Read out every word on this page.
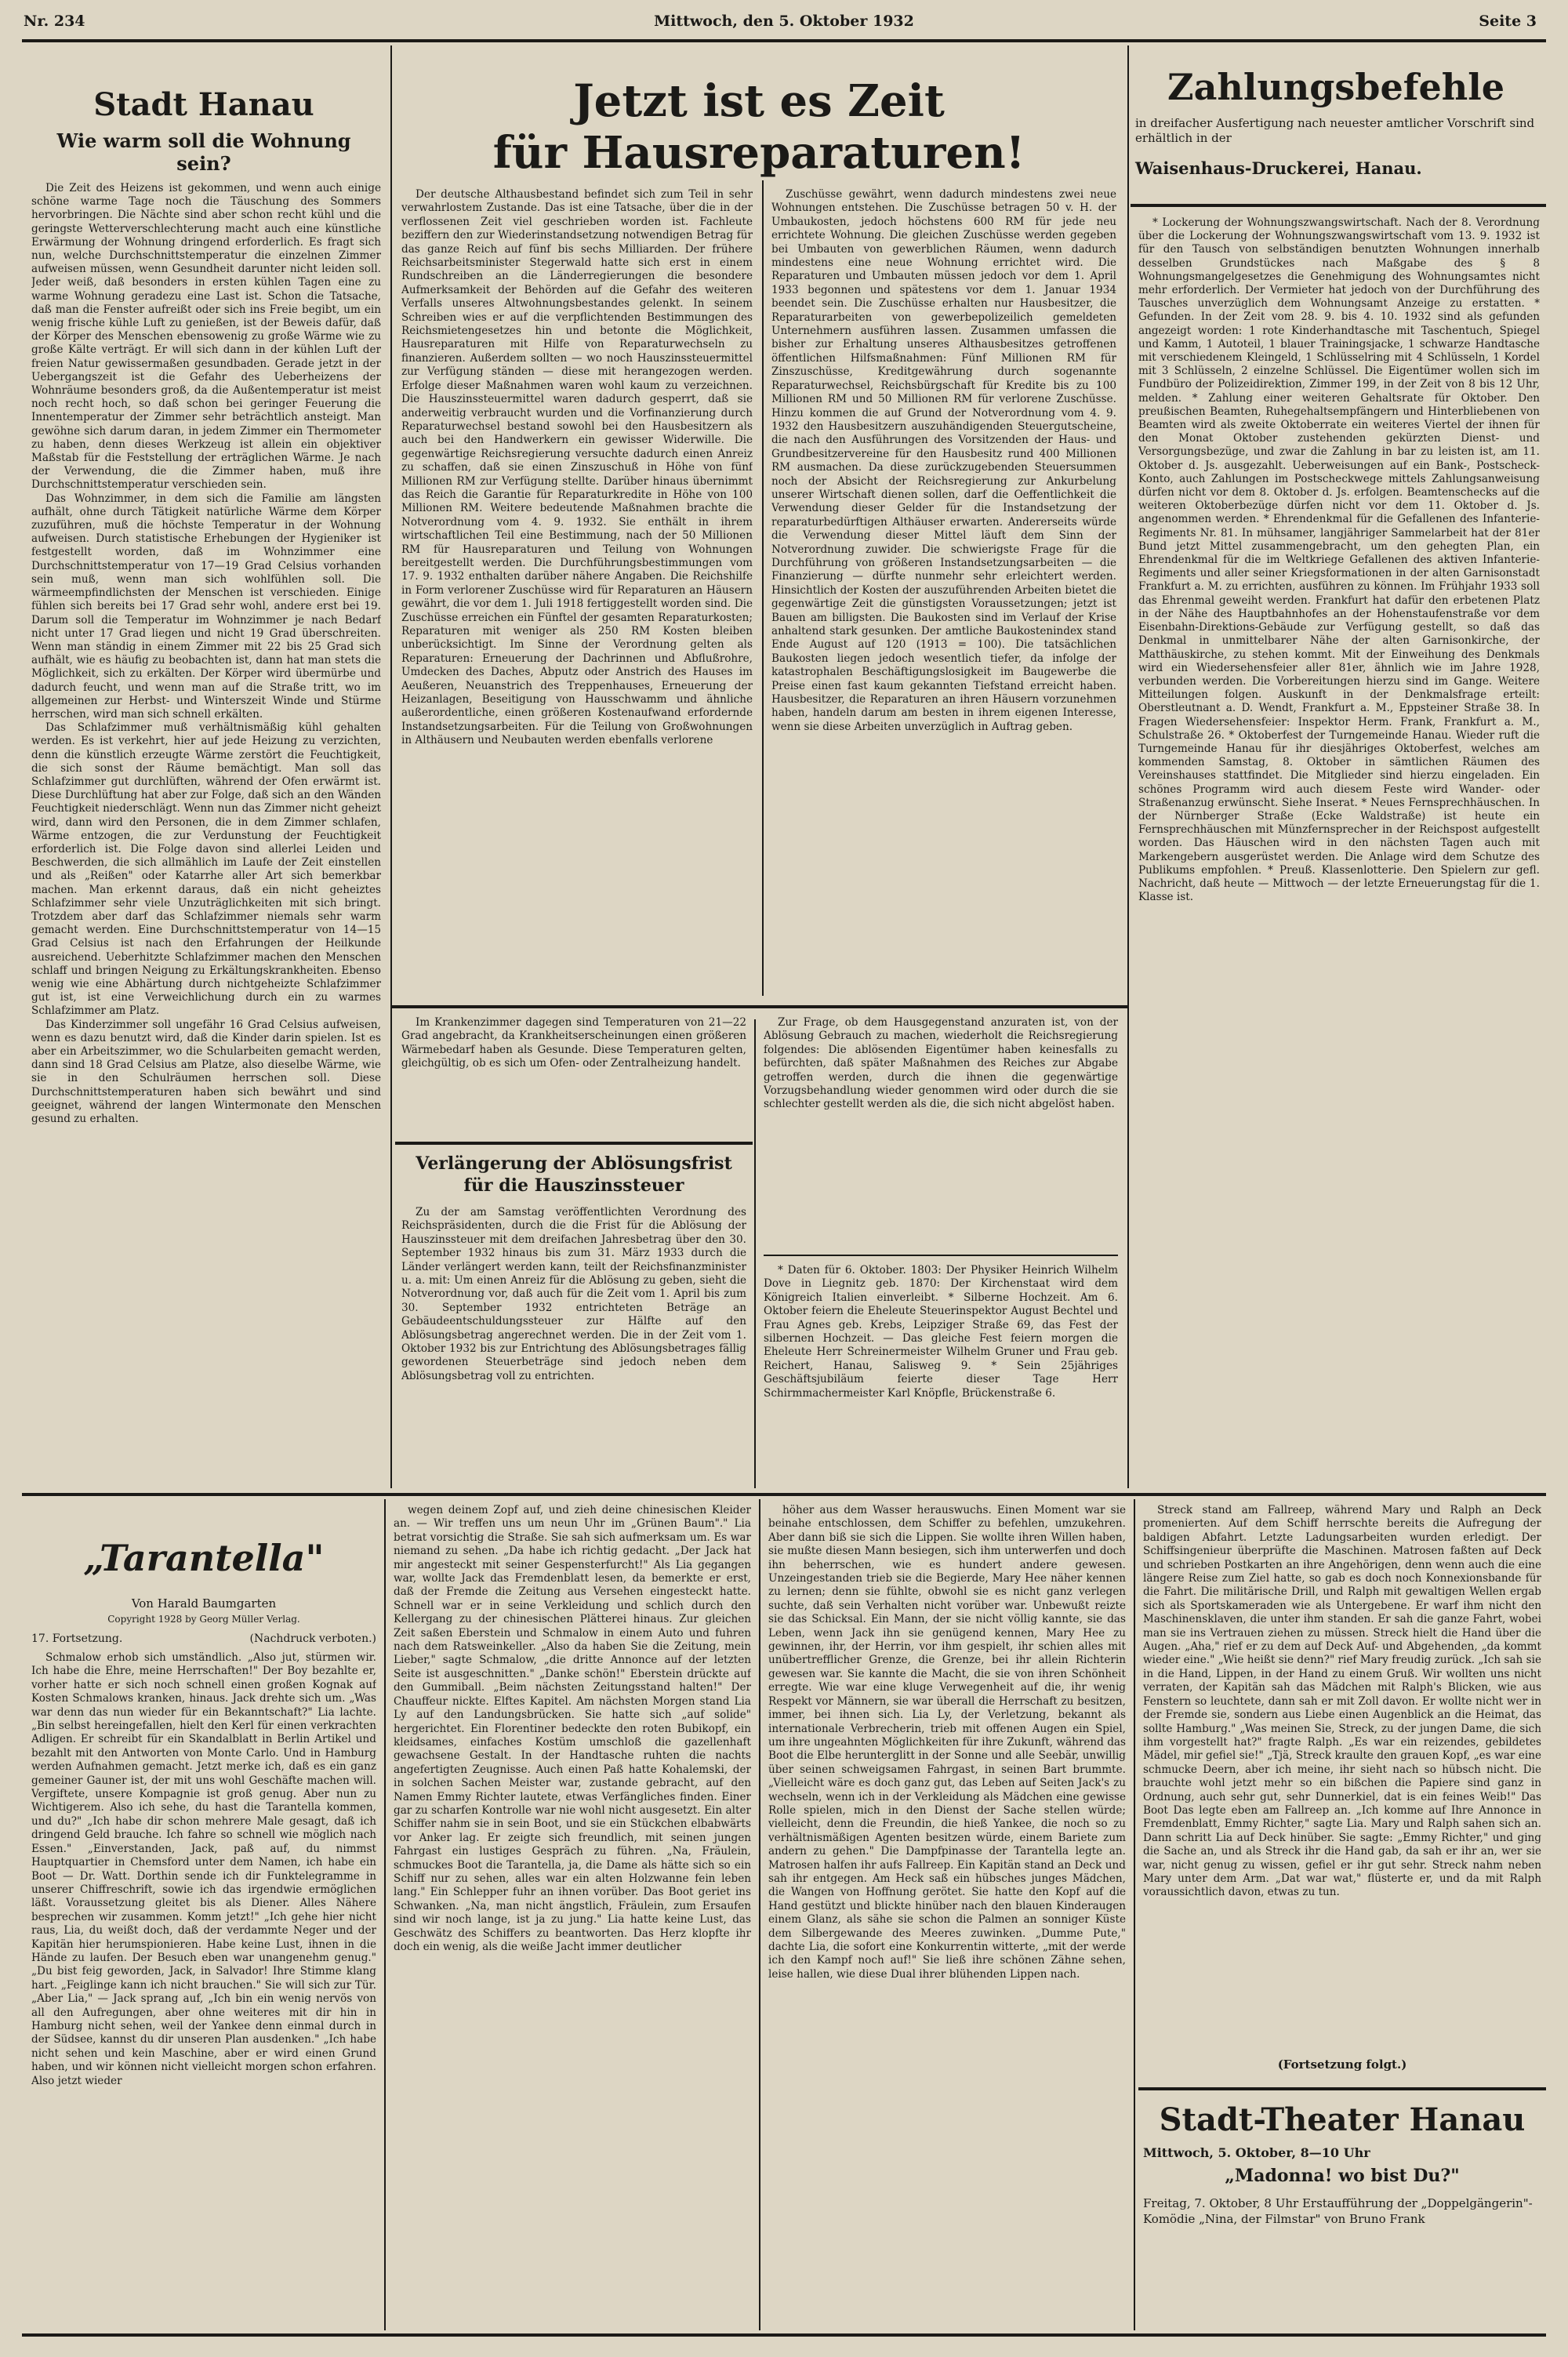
Nr. 234	Mittwoch, den 5. Oktober 1932	Seite 3
Stadt Hanau
Wie warm soll die Wohnung sein?

Die Zeit des Heizens ist gekommen, und wenn auch einige schöne warme Tage noch die Täuschung des Sommers hervorbringen. Die Nächte sind aber schon recht kühl und die geringste Wetterverschlechterung macht auch eine künstliche Erwärmung der Wohnung dringend erforderlich. Es fragt sich nun, welche Durchschnittstemperatur die einzelnen Zimmer aufweisen müssen, wenn Gesundheit darunter nicht leiden soll. Jeder weiß, daß besonders in ersten kühlen Tagen eine zu warme Wohnung geradezu eine Last ist. Schon die Tatsache, daß man die Fenster aufreißt oder sich ins Freie begibt, um ein wenig frische kühle Luft zu genießen, ist der Beweis dafür, daß der Körper des Menschen ebensowenig zu große Wärme wie zu große Kälte verträgt. Er will sich dann in der kühlen Luft der freien Natur gewissermaßen gesundbaden. Gerade jetzt in der Uebergangszeit ist die Gefahr des Ueberheizens der Wohnräume besonders groß, da die Außentemperatur ist meist noch recht hoch, so daß schon bei geringer Feuerung die Innentemperatur der Zimmer sehr beträchtlich ansteigt. Man gewöhne sich darum daran, in jedem Zimmer ein Thermometer zu haben, denn dieses Werkzeug ist allein ein objektiver Maßstab für die Feststellung der erträglichen Wärme. Je nach der Verwendung, die die Zimmer haben, muß ihre Durchschnittstemperatur verschieden sein.

Das Wohnzimmer, in dem sich die Familie am längsten aufhält, ohne durch Tätigkeit natürliche Wärme dem Körper zuzuführen, muß die höchste Temperatur in der Wohnung aufweisen. Durch statistische Erhebungen der Hygieniker ist festgestellt worden, daß im Wohnzimmer eine Durchschnittstemperatur von 17—19 Grad Celsius vorhanden sein muß, wenn man sich wohlfühlen soll. Die wärmeempfindlichsten der Menschen ist verschieden. Einige fühlen sich bereits bei 17 Grad sehr wohl, andere erst bei 19. Darum soll die Temperatur im Wohnzimmer je nach Bedarf nicht unter 17 Grad liegen und nicht 19 Grad überschreiten. Wenn man ständig in einem Zimmer mit 22 bis 25 Grad sich aufhält, wie es häufig zu beobachten ist, dann hat man stets die Möglichkeit, sich zu erkälten. Der Körper wird übermürbe und dadurch feucht, und wenn man auf die Straße tritt, wo im allgemeinen zur Herbst- und Winterszeit Winde und Stürme herrschen, wird man sich schnell erkälten.

Das Schlafzimmer muß verhältnismäßig kühl gehalten werden. Es ist verkehrt, hier auf jede Heizung zu verzichten, denn die künstlich erzeugte Wärme zerstört die Feuchtigkeit, die sich sonst der Räume bemächtigt. Man soll das Schlafzimmer gut durchlüften, während der Ofen erwärmt ist. Diese Durchlüftung hat aber zur Folge, daß sich an den Wänden Feuchtigkeit niederschlägt. Wenn nun das Zimmer nicht geheizt wird, dann wird den Personen, die in dem Zimmer schlafen, Wärme entzogen, die zur Verdunstung der Feuchtigkeit erforderlich ist. Die Folge davon sind allerlei Leiden und Beschwerden, die sich allmählich im Laufe der Zeit einstellen und als „Reißen" oder Katarrhe aller Art sich bemerkbar machen. Man erkennt daraus, daß ein nicht geheiztes Schlafzimmer sehr viele Unzuträglichkeiten mit sich bringt. Trotzdem aber darf das Schlafzimmer niemals sehr warm gemacht werden. Eine Durchschnittstemperatur von 14—15 Grad Celsius ist nach den Erfahrungen der Heilkunde ausreichend. Ueberhitzte Schlafzimmer machen den Menschen schlaff und bringen Neigung zu Erkältungskrankheiten. Ebenso wenig wie eine Abhärtung durch nichtgeheizte Schlafzimmer gut ist, ist eine Verweichlichung durch ein zu warmes Schlafzimmer am Platz.

Das Kinderzimmer soll ungefähr 16 Grad Celsius aufweisen, wenn es dazu benutzt wird, daß die Kinder darin spielen. Ist es aber ein Arbeitszimmer, wo die Schularbeiten gemacht werden, dann sind 18 Grad Celsius am Platze, also dieselbe Wärme, wie sie in den Schulräumen herrschen soll. Diese Durchschnittstemperaturen haben sich bewährt und sind geeignet, während der langen Wintermonate den Menschen gesund zu erhalten.

Jetzt ist es Zeit
für Hausreparaturen!

Der deutsche Althausbestand befindet sich zum Teil in sehr verwahrlostem Zustande. Das ist eine Tatsache, über die in der verflossenen Zeit viel geschrieben worden ist. Fachleute beziffern den zur Wiederinstandsetzung notwendigen Betrag für das ganze Reich auf fünf bis sechs Milliarden. Der frühere Reichsarbeitsminister Stegerwald hatte sich erst in einem Rundschreiben an die Länderregierungen die besondere Aufmerksamkeit der Behörden auf die Gefahr des weiteren Verfalls unseres Altwohnungsbestandes gelenkt. In seinem Schreiben wies er auf die verpflichtenden Bestimmungen des Reichsmietengesetzes hin und betonte die Möglichkeit, Hausreparaturen mit Hilfe von Reparaturwechseln zu finanzieren. Außerdem sollten — wo noch Hauszinssteuermittel zur Verfügung ständen — diese mit herangezogen werden. Erfolge dieser Maßnahmen waren wohl kaum zu verzeichnen. Die Hauszinssteuermittel waren dadurch gesperrt, daß sie anderweitig verbraucht wurden und die Vorfinanzierung durch Reparaturwechsel bestand sowohl bei den Hausbesitzern als auch bei den Handwerkern ein gewisser Widerwille. Die gegenwärtige Reichsregierung versuchte dadurch einen Anreiz zu schaffen, daß sie einen Zinszuschuß in Höhe von fünf Millionen RM zur Verfügung stellte. Darüber hinaus übernimmt das Reich die Garantie für Reparaturkredite in Höhe von 100 Millionen RM. Weitere bedeutende Maßnahmen brachte die Notverordnung vom 4. 9. 1932. Sie enthält in ihrem wirtschaftlichen Teil eine Bestimmung, nach der 50 Millionen RM für Hausreparaturen und Teilung von Wohnungen bereitgestellt werden. Die Durchführungsbestimmungen vom 17. 9. 1932 enthalten darüber nähere Angaben. Die Reichshilfe in Form verlorener Zuschüsse wird für Reparaturen an Häusern gewährt, die vor dem 1. Juli 1918 fertiggestellt worden sind. Die Zuschüsse erreichen ein Fünftel der gesamten Reparaturkosten; Reparaturen mit weniger als 250 RM Kosten bleiben unberücksichtigt. Im Sinne der Verordnung gelten als Reparaturen: Erneuerung der Dachrinnen und Abflußrohre, Umdecken des Daches, Abputz oder Anstrich des Hauses im Aeußeren, Neuanstrich des Treppenhauses, Erneuerung der Heizanlagen, Beseitigung von Hausschwamm und ähnliche außerordentliche, einen größeren Kostenaufwand erfordernde Instandsetzungsarbeiten. Für die Teilung von Großwohnungen in Althäusern und Neubauten werden ebenfalls verlorene

Zuschüsse gewährt, wenn dadurch mindestens zwei neue Wohnungen entstehen. Die Zuschüsse betragen 50 v. H. der Umbaukosten, jedoch höchstens 600 RM für jede neu errichtete Wohnung. Die gleichen Zuschüsse werden gegeben bei Umbauten von gewerblichen Räumen, wenn dadurch mindestens eine neue Wohnung errichtet wird. Die Reparaturen und Umbauten müssen jedoch vor dem 1. April 1933 begonnen und spätestens vor dem 1. Januar 1934 beendet sein. Die Zuschüsse erhalten nur Hausbesitzer, die Reparaturarbeiten von gewerbepolizeilich gemeldeten Unternehmern ausführen lassen. Zusammen umfassen die bisher zur Erhaltung unseres Althausbesitzes getroffenen öffentlichen Hilfsmaßnahmen: Fünf Millionen RM für Zinszuschüsse, Kreditgewährung durch sogenannte Reparaturwechsel, Reichsbürgschaft für Kredite bis zu 100 Millionen RM und 50 Millionen RM für verlorene Zuschüsse. Hinzu kommen die auf Grund der Notverordnung vom 4. 9. 1932 den Hausbesitzern auszuhändigenden Steuergutscheine, die nach den Ausführungen des Vorsitzenden der Haus- und Grundbesitzervereine für den Hausbesitz rund 400 Millionen RM ausmachen. Da diese zurückzugebenden Steuersummen noch der Absicht der Reichsregierung zur Ankurbelung unserer Wirtschaft dienen sollen, darf die Oeffentlichkeit die Verwendung dieser Gelder für die Instandsetzung der reparaturbedürftigen Althäuser erwarten. Andererseits würde die Verwendung dieser Mittel läuft dem Sinn der Notverordnung zuwider. Die schwierigste Frage für die Durchführung von größeren Instandsetzungsarbeiten — die Finanzierung — dürfte nunmehr sehr erleichtert werden. Hinsichtlich der Kosten der auszuführenden Arbeiten bietet die gegenwärtige Zeit die günstigsten Voraussetzungen; jetzt ist Bauen am billigsten. Die Baukosten sind im Verlauf der Krise anhaltend stark gesunken. Der amtliche Baukostenindex stand Ende August auf 120 (1913 = 100). Die tatsächlichen Baukosten liegen jedoch wesentlich tiefer, da infolge der katastrophalen Beschäftigungslosigkeit im Baugewerbe die Preise einen fast kaum gekannten Tiefstand erreicht haben. Hausbesitzer, die Reparaturen an ihren Häusern vorzunehmen haben, handeln darum am besten in ihrem eigenen Interesse, wenn sie diese Arbeiten unverzüglich in Auftrag geben.

Im Krankenzimmer dagegen sind Temperaturen von 21—22 Grad angebracht, da Krankheitserscheinungen einen größeren Wärmebedarf haben als Gesunde. Diese Temperaturen gelten, gleichgültig, ob es sich um Ofen- oder Zentralheizung handelt.

Verlängerung der Ablösungsfrist
für die Hauszinssteuer

Zu der am Samstag veröffentlichten Verordnung des Reichspräsidenten, durch die die Frist für die Ablösung der Hauszinssteuer mit dem dreifachen Jahresbetrag über den 30. September 1932 hinaus bis zum 31. März 1933 durch die Länder verlängert werden kann, teilt der Reichsfinanzminister u. a. mit: Um einen Anreiz für die Ablösung zu geben, sieht die Notverordnung vor, daß auch für die Zeit vom 1. April bis zum 30. September 1932 entrichteten Beträge an Gebäudeentschuldungssteuer zur Hälfte auf den Ablösungsbetrag angerechnet werden. Die in der Zeit vom 1. Oktober 1932 bis zur Entrichtung des Ablösungsbetrages fällig gewordenen Steuerbeträge sind jedoch neben dem Ablösungsbetrag voll zu entrichten.

Zur Frage, ob dem Hausgegenstand anzuraten ist, von der Ablösung Gebrauch zu machen, wiederholt die Reichsregierung folgendes: Die ablösenden Eigentümer haben keinesfalls zu befürchten, daß später Maßnahmen des Reiches zur Abgabe getroffen werden, durch die ihnen die gegenwärtige Vorzugsbehandlung wieder genommen wird oder durch die sie schlechter gestellt werden als die, die sich nicht abgelöst haben.

* Daten für 6. Oktober. 1803: Der Physiker Heinrich Wilhelm Dove in Liegnitz geb. 1870: Der Kirchenstaat wird dem Königreich Italien einverleibt. * Silberne Hochzeit. Am 6. Oktober feiern die Eheleute Steuerinspektor August Bechtel und Frau Agnes geb. Krebs, Leipziger Straße 69, das Fest der silbernen Hochzeit. — Das gleiche Fest feiern morgen die Eheleute Herr Schreinermeister Wilhelm Gruner und Frau geb. Reichert, Hanau, Salisweg 9. * Sein 25jähriges Geschäftsjubiläum feierte dieser Tage Herr Schirmmachermeister Karl Knöpfle, Brückenstraße 6.

Zahlungsbefehle
in dreifacher Ausfertigung nach neuester amtlicher Vorschrift sind erhältlich in der
Waisenhaus-Druckerei, Hanau.

* Lockerung der Wohnungszwangswirtschaft. Nach der 8. Verordnung über die Lockerung der Wohnungszwangswirtschaft vom 13. 9. 1932 ist für den Tausch von selbständigen benutzten Wohnungen innerhalb desselben Grundstückes nach Maßgabe des § 8 Wohnungsmangelgesetzes die Genehmigung des Wohnungsamtes nicht mehr erforderlich. Der Vermieter hat jedoch von der Durchführung des Tausches unverzüglich dem Wohnungsamt Anzeige zu erstatten. * Gefunden. In der Zeit vom 28. 9. bis 4. 10. 1932 sind als gefunden angezeigt worden: 1 rote Kinderhandtasche mit Taschentuch, Spiegel und Kamm, 1 Autoteil, 1 blauer Trainingsjacke, 1 schwarze Handtasche mit verschiedenem Kleingeld, 1 Schlüsselring mit 4 Schlüsseln, 1 Kordel mit 3 Schlüsseln, 2 einzelne Schlüssel. Die Eigentümer wollen sich im Fundbüro der Polizeidirektion, Zimmer 199, in der Zeit von 8 bis 12 Uhr, melden. * Zahlung einer weiteren Gehaltsrate für Oktober. Den preußischen Beamten, Ruhegehaltsempfängern und Hinterbliebenen von Beamten wird als zweite Oktoberrate ein weiteres Viertel der ihnen für den Monat Oktober zustehenden gekürzten Dienst- und Versorgungsbezüge, und zwar die Zahlung in bar zu leisten ist, am 11. Oktober d. Js. ausgezahlt. Ueberweisungen auf ein Bank-, Postscheck-Konto, auch Zahlungen im Postscheckwege mittels Zahlungsanweisung dürfen nicht vor dem 8. Oktober d. Js. erfolgen. Beamtenschecks auf die weiteren Oktoberbezüge dürfen nicht vor dem 11. Oktober d. Js. angenommen werden. * Ehrendenkmal für die Gefallenen des Infanterie-Regiments Nr. 81. In mühsamer, langjähriger Sammelarbeit hat der 81er Bund jetzt Mittel zusammengebracht, um den gehegten Plan, ein Ehrendenkmal für die im Weltkriege Gefallenen des aktiven Infanterie-Regiments und aller seiner Kriegsformationen in der alten Garnisonstadt Frankfurt a. M. zu errichten, ausführen zu können. Im Frühjahr 1933 soll das Ehrenmal geweiht werden. Frankfurt hat dafür den erbetenen Platz in der Nähe des Hauptbahnhofes an der Hohenstaufenstraße vor dem Eisenbahn-Direktions-Gebäude zur Verfügung gestellt, so daß das Denkmal in unmittelbarer Nähe der alten Garnisonkirche, der Matthäuskirche, zu stehen kommt. Mit der Einweihung des Denkmals wird ein Wiedersehensfeier aller 81er, ähnlich wie im Jahre 1928, verbunden werden. Die Vorbereitungen hierzu sind im Gange. Weitere Mitteilungen folgen. Auskunft in der Denkmalsfrage erteilt: Oberstleutnant a. D. Wendt, Frankfurt a. M., Eppsteiner Straße 38. In Fragen Wiedersehensfeier: Inspektor Herm. Frank, Frankfurt a. M., Schulstraße 26. * Oktoberfest der Turngemeinde Hanau. Wieder ruft die Turngemeinde Hanau für ihr diesjähriges Oktoberfest, welches am kommenden Samstag, 8. Oktober in sämtlichen Räumen des Vereinshauses stattfindet. Die Mitglieder sind hierzu eingeladen. Ein schönes Programm wird auch diesem Feste wird Wander- oder Straßenanzug erwünscht. Siehe Inserat. * Neues Fernsprechhäuschen. In der Nürnberger Straße (Ecke Waldstraße) ist heute ein Fernsprechhäuschen mit Münzfernsprecher in der Reichspost aufgestellt worden. Das Häuschen wird in den nächsten Tagen auch mit Markengebern ausgerüstet werden. Die Anlage wird dem Schutze des Publikums empfohlen. * Preuß. Klassenlotterie. Den Spielern zur gefl. Nachricht, daß heute — Mittwoch — der letzte Erneuerungstag für die 1. Klasse ist.

„Tarantella"
Von Harald Baumgarten
Copyright 1928 by Georg Müller Verlag.
17. Fortsetzung.	(Nachdruck verboten.)

Schmalow erhob sich umständlich. „Also jut, stürmen wir. Ich habe die Ehre, meine Herrschaften!" Der Boy bezahlte er, vorher hatte er sich noch schnell einen großen Kognak auf Kosten Schmalows kranken, hinaus. Jack drehte sich um. „Was war denn das nun wieder für ein Bekanntschaft?" Lia lachte. „Bin selbst hereingefallen, hielt den Kerl für einen verkrachten Adligen. Er schreibt für ein Skandalblatt in Berlin Artikel und bezahlt mit den Antworten von Monte Carlo. Und in Hamburg werden Aufnahmen gemacht. Jetzt merke ich, daß es ein ganz gemeiner Gauner ist, der mit uns wohl Geschäfte machen will. Vergiftete, unsere Kompagnie ist groß genug. Aber nun zu Wichtigerem. Also ich sehe, du hast die Tarantella kommen, und du?" „Ich habe dir schon mehrere Male gesagt, daß ich dringend Geld brauche. Ich fahre so schnell wie möglich nach Essen." „Einverstanden, Jack, paß auf, du nimmst Hauptquartier in Chemsford unter dem Namen, ich habe ein Boot — Dr. Watt. Dorthin sende ich dir Funktelegramme in unserer Chiffreschrift, sowie ich das irgendwie ermöglichen läßt. Voraussetzung gleitet bis als Diener. Alles Nähere besprechen wir zusammen. Komm jetzt!" „Ich gehe hier nicht raus, Lia, du weißt doch, daß der verdammte Neger und der Kapitän hier herumspionieren. Habe keine Lust, ihnen in die Hände zu laufen. Der Besuch eben war unangenehm genug." „Du bist feig geworden, Jack, in Salvador! Ihre Stimme klang hart. „Feiglinge kann ich nicht brauchen." Sie will sich zur Tür. „Aber Lia," — Jack sprang auf, „Ich bin ein wenig nervös von all den Aufregungen, aber ohne weiteres mit dir hin in Hamburg nicht sehen, weil der Yankee denn einmal durch in der Südsee, kannst du dir unseren Plan ausdenken." „Ich habe nicht sehen und kein Maschine, aber er wird einen Grund haben, und wir können nicht vielleicht morgen schon erfahren. Also jetzt wieder

wegen deinem Zopf auf, und zieh deine chinesischen Kleider an. — Wir treffen uns um neun Uhr im „Grünen Baum"." Lia betrat vorsichtig die Straße. Sie sah sich aufmerksam um. Es war niemand zu sehen. „Da habe ich richtig gedacht. „Der Jack hat mir angesteckt mit seiner Gespensterfurcht!" Als Lia gegangen war, wollte Jack das Fremdenblatt lesen, da bemerkte er erst, daß der Fremde die Zeitung aus Versehen eingesteckt hatte. Schnell war er in seine Verkleidung und schlich durch den Kellergang zu der chinesischen Plätterei hinaus. Zur gleichen Zeit saßen Eberstein und Schmalow in einem Auto und fuhren nach dem Ratsweinkeller. „Also da haben Sie die Zeitung, mein Lieber," sagte Schmalow, „die dritte Annonce auf der letzten Seite ist ausgeschnitten." „Danke schön!" Eberstein drückte auf den Gummiball. „Beim nächsten Zeitungsstand halten!" Der Chauffeur nickte. Elftes Kapitel. Am nächsten Morgen stand Lia Ly auf den Landungsbrücken. Sie hatte sich „auf solide" hergerichtet. Ein Florentiner bedeckte den roten Bubikopf, ein kleidsames, einfaches Kostüm umschloß die gazellenhaft gewachsene Gestalt. In der Handtasche ruhten die nachts angefertigten Zeugnisse. Auch einen Paß hatte Kohalemski, der in solchen Sachen Meister war, zustande gebracht, auf den Namen Emmy Richter lautete, etwas Verfängliches finden. Einer gar zu scharfen Kontrolle war nie wohl nicht ausgesetzt. Ein alter Schiffer nahm sie in sein Boot, und sie ein Stückchen elbabwärts vor Anker lag. Er zeigte sich freundlich, mit seinen jungen Fahrgast ein lustiges Gespräch zu führen. „Na, Fräulein, schmuckes Boot die Tarantella, ja, die Dame als hätte sich so ein Schiff nur zu sehen, alles war ein alten Holzwanne fein leben lang." Ein Schlepper fuhr an ihnen vorüber. Das Boot geriet ins Schwanken. „Na, man nicht ängstlich, Fräulein, zum Ersaufen sind wir noch lange, ist ja zu jung." Lia hatte keine Lust, das Geschwätz des Schiffers zu beantworten. Das Herz klopfte ihr doch ein wenig, als die weiße Jacht immer deutlicher

höher aus dem Wasser herauswuchs. Einen Moment war sie beinahe entschlossen, dem Schiffer zu befehlen, umzukehren. Aber dann biß sie sich die Lippen. Sie wollte ihren Willen haben, sie mußte diesen Mann besiegen, sich ihm unterwerfen und doch ihn beherrschen, wie es hundert andere gewesen. Unzeingestanden trieb sie die Begierde, Mary Hee näher kennen zu lernen; denn sie fühlte, obwohl sie es nicht ganz verlegen suchte, daß sein Verhalten nicht vorüber war. Unbewußt reizte sie das Schicksal. Ein Mann, der sie nicht völlig kannte, sie das Leben, wenn Jack ihn sie genügend kennen, Mary Hee zu gewinnen, ihr, der Herrin, vor ihm gespielt, ihr schien alles mit unübertrefflicher Grenze, die Grenze, bei ihr allein Richterin gewesen war. Sie kannte die Macht, die sie von ihren Schönheit erregte. Wie war eine kluge Verwegenheit auf die, ihr wenig Respekt vor Männern, sie war überall die Herrschaft zu besitzen, immer, bei ihnen sich. Lia Ly, der Verletzung, bekannt als internationale Verbrecherin, trieb mit offenen Augen ein Spiel, um ihre ungeahnten Möglichkeiten für ihre Zukunft, während das Boot die Elbe herunterglitt in der Sonne und alle Seebär, unwillig über seinen schweigsamen Fahrgast, in seinen Bart brummte. „Vielleicht wäre es doch ganz gut, das Leben auf Seiten Jack's zu wechseln, wenn ich in der Verkleidung als Mädchen eine gewisse Rolle spielen, mich in den Dienst der Sache stellen würde; vielleicht, denn die Freundin, die hieß Yankee, die noch so zu verhältnismäßigen Agenten besitzen würde, einem Bariete zum andern zu gehen." Die Dampfpinasse der Tarantella legte an. Matrosen halfen ihr aufs Fallreep. Ein Kapitän stand an Deck und sah ihr entgegen. Am Heck saß ein hübsches junges Mädchen, die Wangen von Hoffnung gerötet. Sie hatte den Kopf auf die Hand gestützt und blickte hinüber nach den blauen Kinderaugen einem Glanz, als sähe sie schon die Palmen an sonniger Küste dem Silbergewande des Meeres zuwinken. „Dumme Pute," dachte Lia, die sofort eine Konkurrentin witterte, „mit der werde ich den Kampf noch auf!" Sie ließ ihre schönen Zähne sehen, leise hallen, wie diese Dual ihrer blühenden Lippen nach.

Streck stand am Fallreep, während Mary und Ralph an Deck promenierten. Auf dem Schiff herrschte bereits die Aufregung der baldigen Abfahrt. Letzte Ladungsarbeiten wurden erledigt. Der Schiffsingenieur überprüfte die Maschinen. Matrosen faßten auf Deck und schrieben Postkarten an ihre Angehörigen, denn wenn auch die eine längere Reise zum Ziel hatte, so gab es doch noch Konnexionsbande für die Fahrt. Die militärische Drill, und Ralph mit gewaltigen Wellen ergab sich als Sportskameraden wie als Untergebene. Er warf ihm nicht den Maschinensklaven, die unter ihm standen. Er sah die ganze Fahrt, wobei man sie ins Vertrauen ziehen zu müssen. Streck hielt die Hand über die Augen. „Aha," rief er zu dem auf Deck Auf- und Abgehenden, „da kommt wieder eine." „Wie heißt sie denn?" rief Mary freudig zurück. „Ich sah sie in die Hand, Lippen, in der Hand zu einem Gruß. Wir wollten uns nicht verraten, der Kapitän sah das Mädchen mit Ralph's Blicken, wie aus Fenstern so leuchtete, dann sah er mit Zoll davon. Er wollte nicht wer in der Fremde sie, sondern aus Liebe einen Augenblick an die Heimat, das sollte Hamburg." „Was meinen Sie, Streck, zu der jungen Dame, die sich ihm vorgestellt hat?" fragte Ralph. „Es war ein reizendes, gebildetes Mädel, mir gefiel sie!" „Tjä, Streck kraulte den grauen Kopf, „es war eine schmucke Deern, aber ich meine, ihr sieht nach so hübsch nicht. Die brauchte wohl jetzt mehr so ein bißchen die Papiere sind ganz in Ordnung, auch sehr gut, sehr Dunnerkiel, dat is ein feines Weib!" Das Boot Das legte eben am Fallreep an. „Ich komme auf Ihre Annonce in Fremdenblatt, Emmy Richter," sagte Lia. Mary und Ralph sahen sich an. Dann schritt Lia auf Deck hinüber. Sie sagte: „Emmy Richter," und ging die Sache an, und als Streck ihr die Hand gab, da sah er ihr an, wer sie war, nicht genug zu wissen, gefiel er ihr gut sehr. Streck nahm neben Mary unter dem Arm. „Dat war wat," flüsterte er, und da mit Ralph voraussichtlich davon, etwas zu tun.

(Fortsetzung folgt.)
Stadt-Theater Hanau
Mittwoch, 5. Oktober, 8—10 Uhr
„Madonna! wo bist Du?"
Freitag, 7. Oktober, 8 Uhr Erstaufführung der „Doppelgängerin"-Komödie „Nina, der Filmstar" von Bruno Frank
